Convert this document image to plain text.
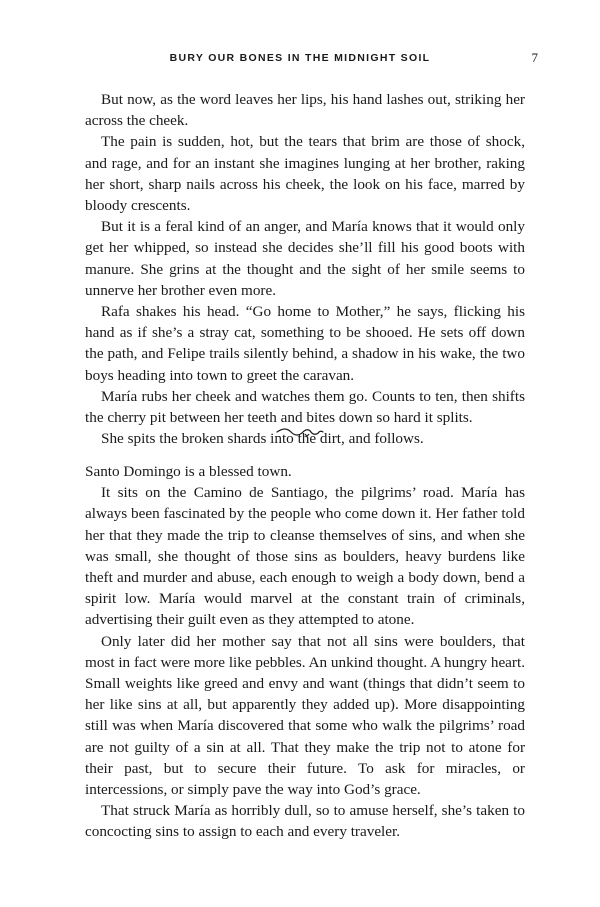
BURY OUR BONES IN THE MIDNIGHT SOIL	7

But now, as the word leaves her lips, his hand lashes out, striking her across the cheek.

The pain is sudden, hot, but the tears that brim are those of shock, and rage, and for an instant she imagines lunging at her brother, raking her short, sharp nails across his cheek, the look on his face, marred by bloody crescents.

But it is a feral kind of an anger, and María knows that it would only get her whipped, so instead she decides she’ll fill his good boots with manure. She grins at the thought and the sight of her smile seems to unnerve her brother even more.

Rafa shakes his head. “Go home to Mother,” he says, flicking his hand as if she’s a stray cat, something to be shooed. He sets off down the path, and Felipe trails silently behind, a shadow in his wake, the two boys heading into town to greet the caravan.

María rubs her cheek and watches them go. Counts to ten, then shifts the cherry pit between her teeth and bites down so hard it splits.

She spits the broken shards into the dirt, and follows.

Santo Domingo is a blessed town.

It sits on the Camino de Santiago, the pilgrims’ road. María has always been fascinated by the people who come down it. Her father told her that they made the trip to cleanse themselves of sins, and when she was small, she thought of those sins as boulders, heavy burdens like theft and murder and abuse, each enough to weigh a body down, bend a spirit low. María would marvel at the constant train of criminals, advertising their guilt even as they attempted to atone.

Only later did her mother say that not all sins were boulders, that most in fact were more like pebbles. An unkind thought. A hungry heart. Small weights like greed and envy and want (things that didn’t seem to her like sins at all, but apparently they added up). More disappointing still was when María discovered that some who walk the pilgrims’ road are not guilty of a sin at all. That they make the trip not to atone for their past, but to secure their future. To ask for miracles, or intercessions, or simply pave the way into God’s grace.

That struck María as horribly dull, so to amuse herself, she’s taken to concocting sins to assign to each and every traveler.
